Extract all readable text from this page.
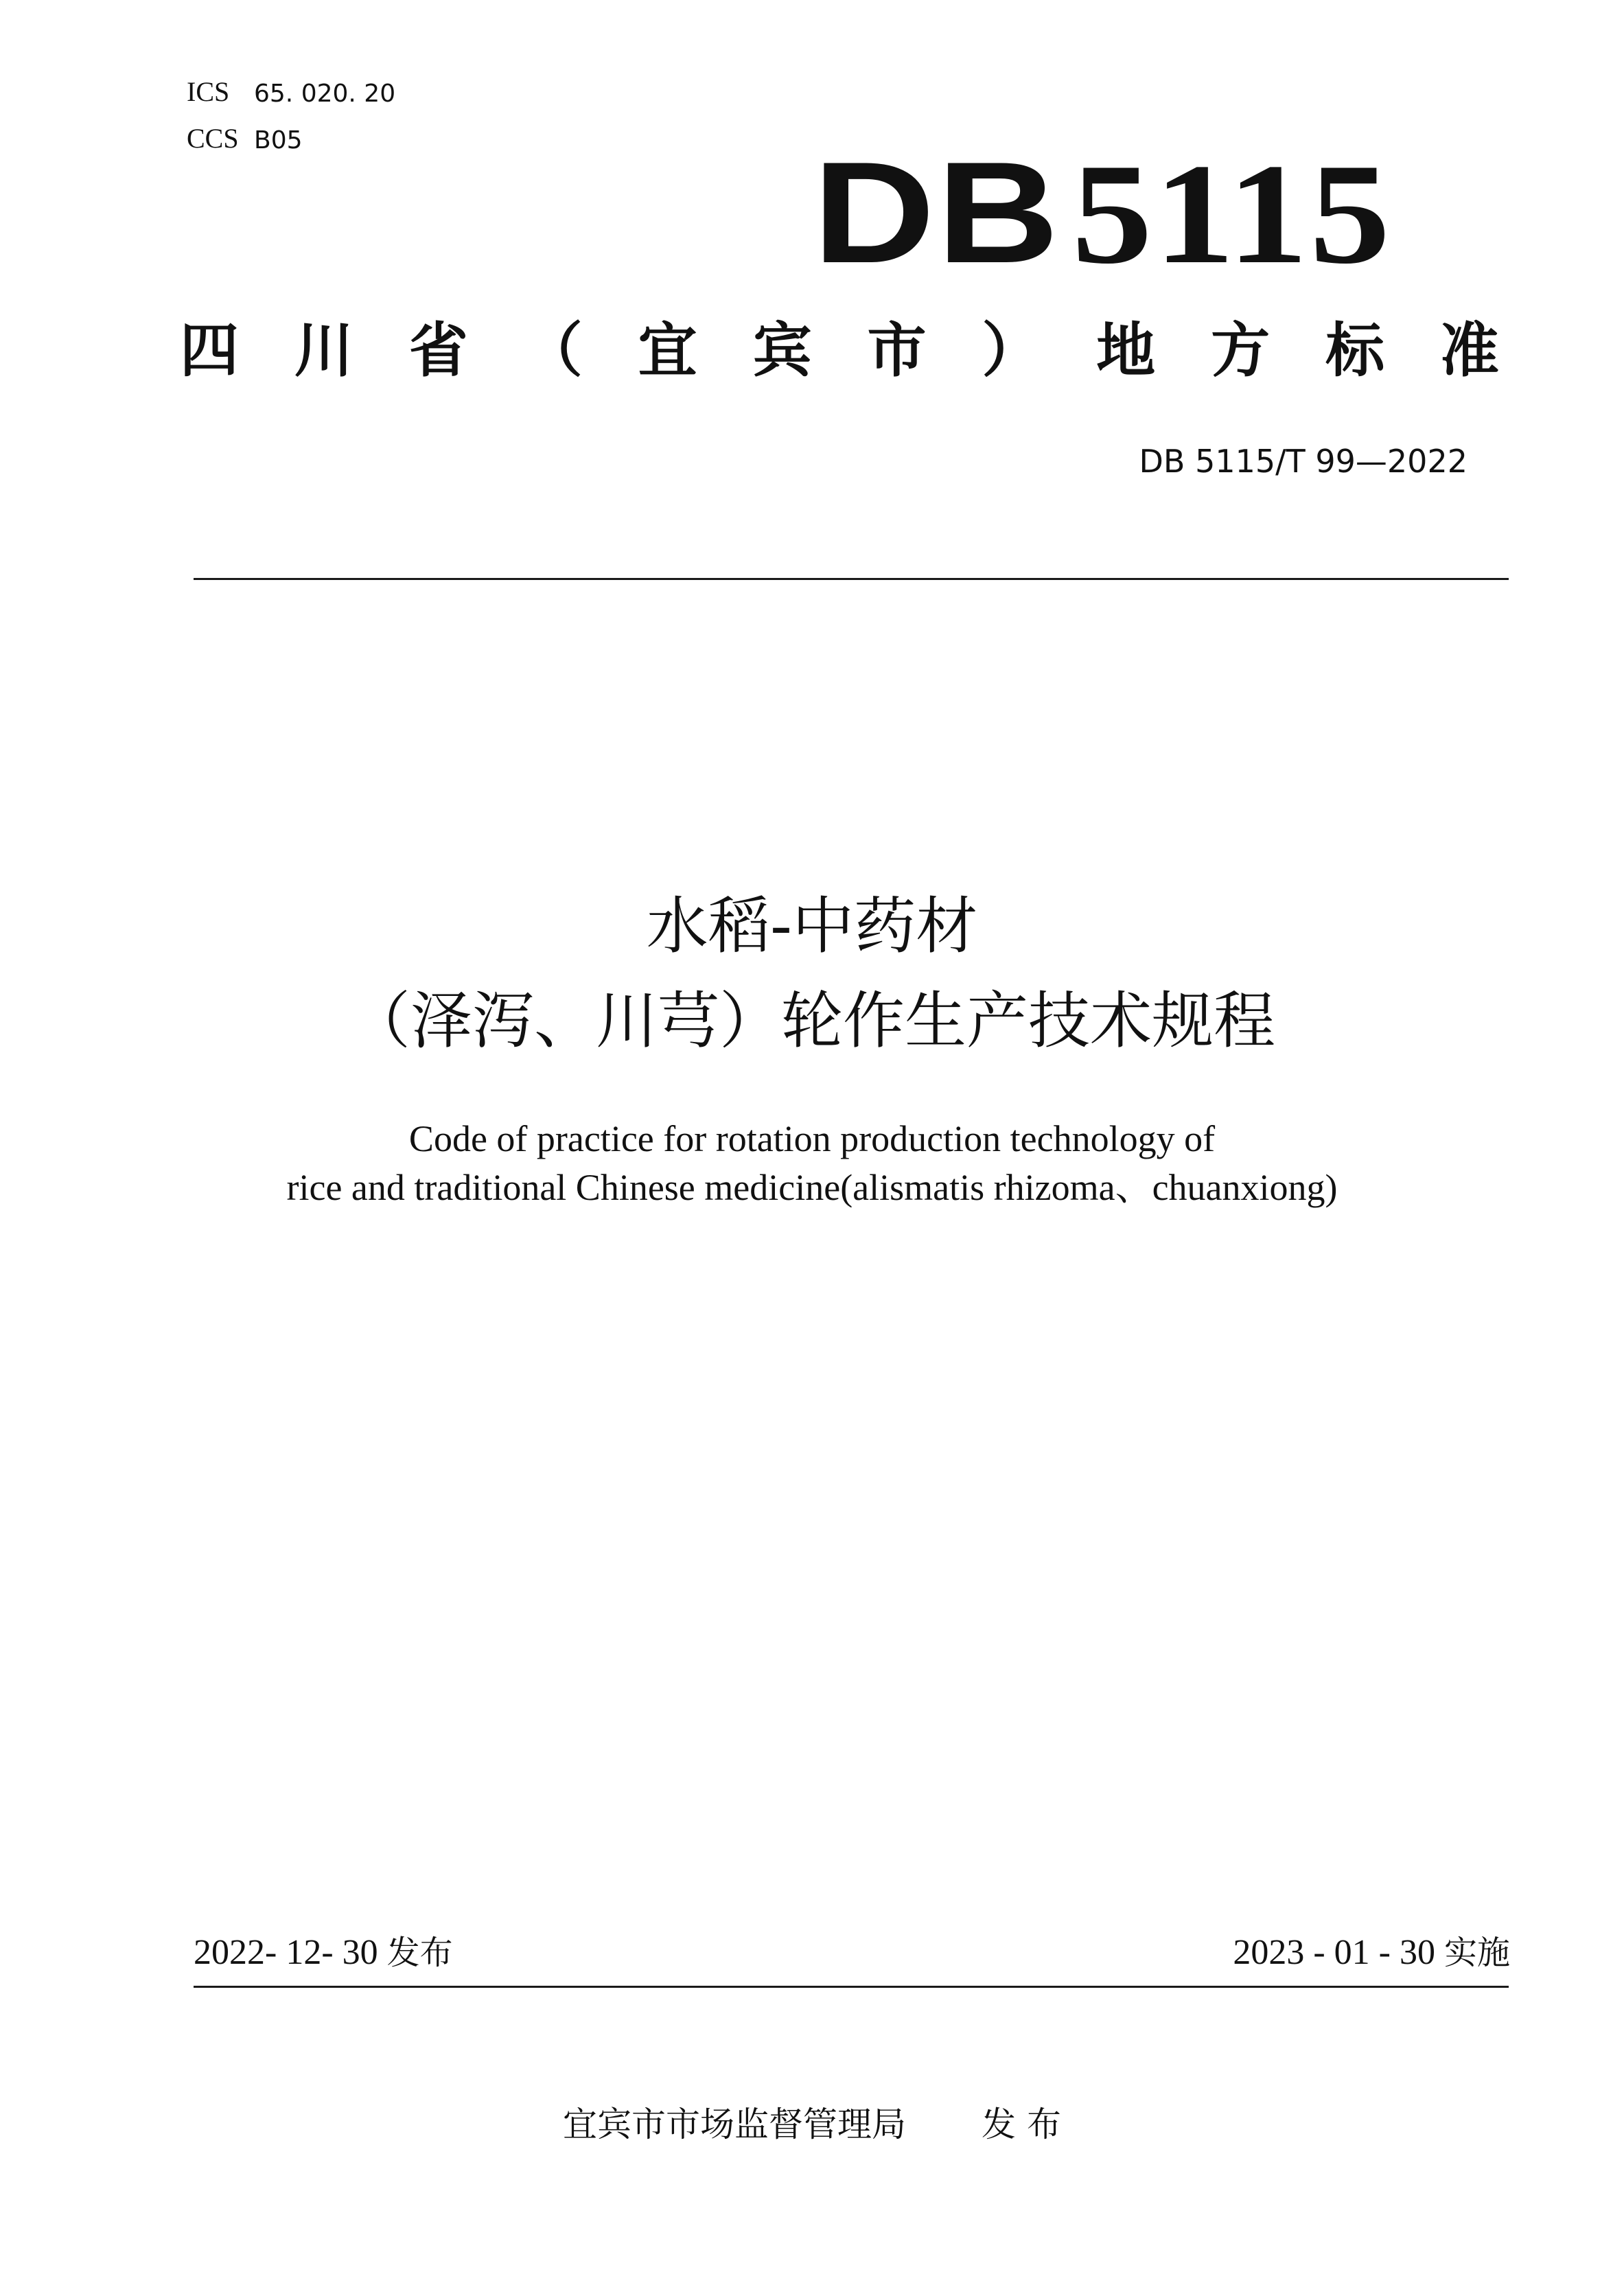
ICS 65. 020. 20
CCS B05	DB5115
四 川 省 （ 宜 宾 市 ） 地 方 标 准
DB 5115/T 99—2022
水稻-中药材
（泽泻、川芎）轮作生产技术规程
Code of practice for rotation production technology of
rice and traditional Chinese medicine(alismatis rhizoma、chuanxiong)
2022- 12- 30 发布	2023 - 01 - 30 实施
宜宾市市场监督管理局 发 布
